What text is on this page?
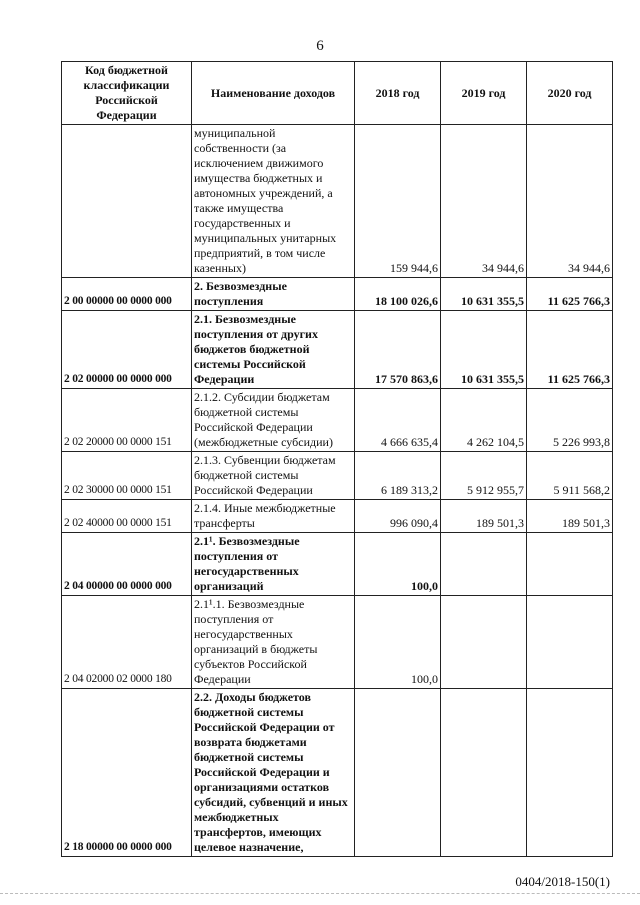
6
Код бюджетной классификации Российской Федерации	Наименование доходов	2018 год	2019 год	2020 год
	муниципальной собственности (за исключением движимого имущества бюджетных и автономных учреждений, а также имущества государственных и муниципальных унитарных предприятий, в том числе казенных)	159 944,6	34 944,6	34 944,6
2 00 00000 00 0000 000	2. Безвозмездные поступления	18 100 026,6	10 631 355,5	11 625 766,3
2 02 00000 00 0000 000	2.1. Безвозмездные поступления от других бюджетов бюджетной системы Российской Федерации	17 570 863,6	10 631 355,5	11 625 766,3
2 02 20000 00 0000 151	2.1.2. Субсидии бюджетам бюджетной системы Российской Федерации (межбюджетные субсидии)	4 666 635,4	4 262 104,5	5 226 993,8
2 02 30000 00 0000 151	2.1.3. Субвенции бюджетам бюджетной системы Российской Федерации	6 189 313,2	5 912 955,7	5 911 568,2
2 02 40000 00 0000 151	2.1.4. Иные межбюджетные трансферты	996 090,4	189 501,3	189 501,3
2 04 00000 00 0000 000	2.1¹. Безвозмездные поступления от негосударственных организаций	100,0		
2 04 02000 02 0000 180	2.1¹.1. Безвозмездные поступления от негосударственных организаций в бюджеты субъектов Российской Федерации	100,0		
2 18 00000 00 0000 000	2.2. Доходы бюджетов бюджетной системы Российской Федерации от возврата бюджетами бюджетной системы Российской Федерации и организациями остатков субсидий, субвенций и иных межбюджетных трансфертов, имеющих целевое назначение,			
0404/2018-150(1)
